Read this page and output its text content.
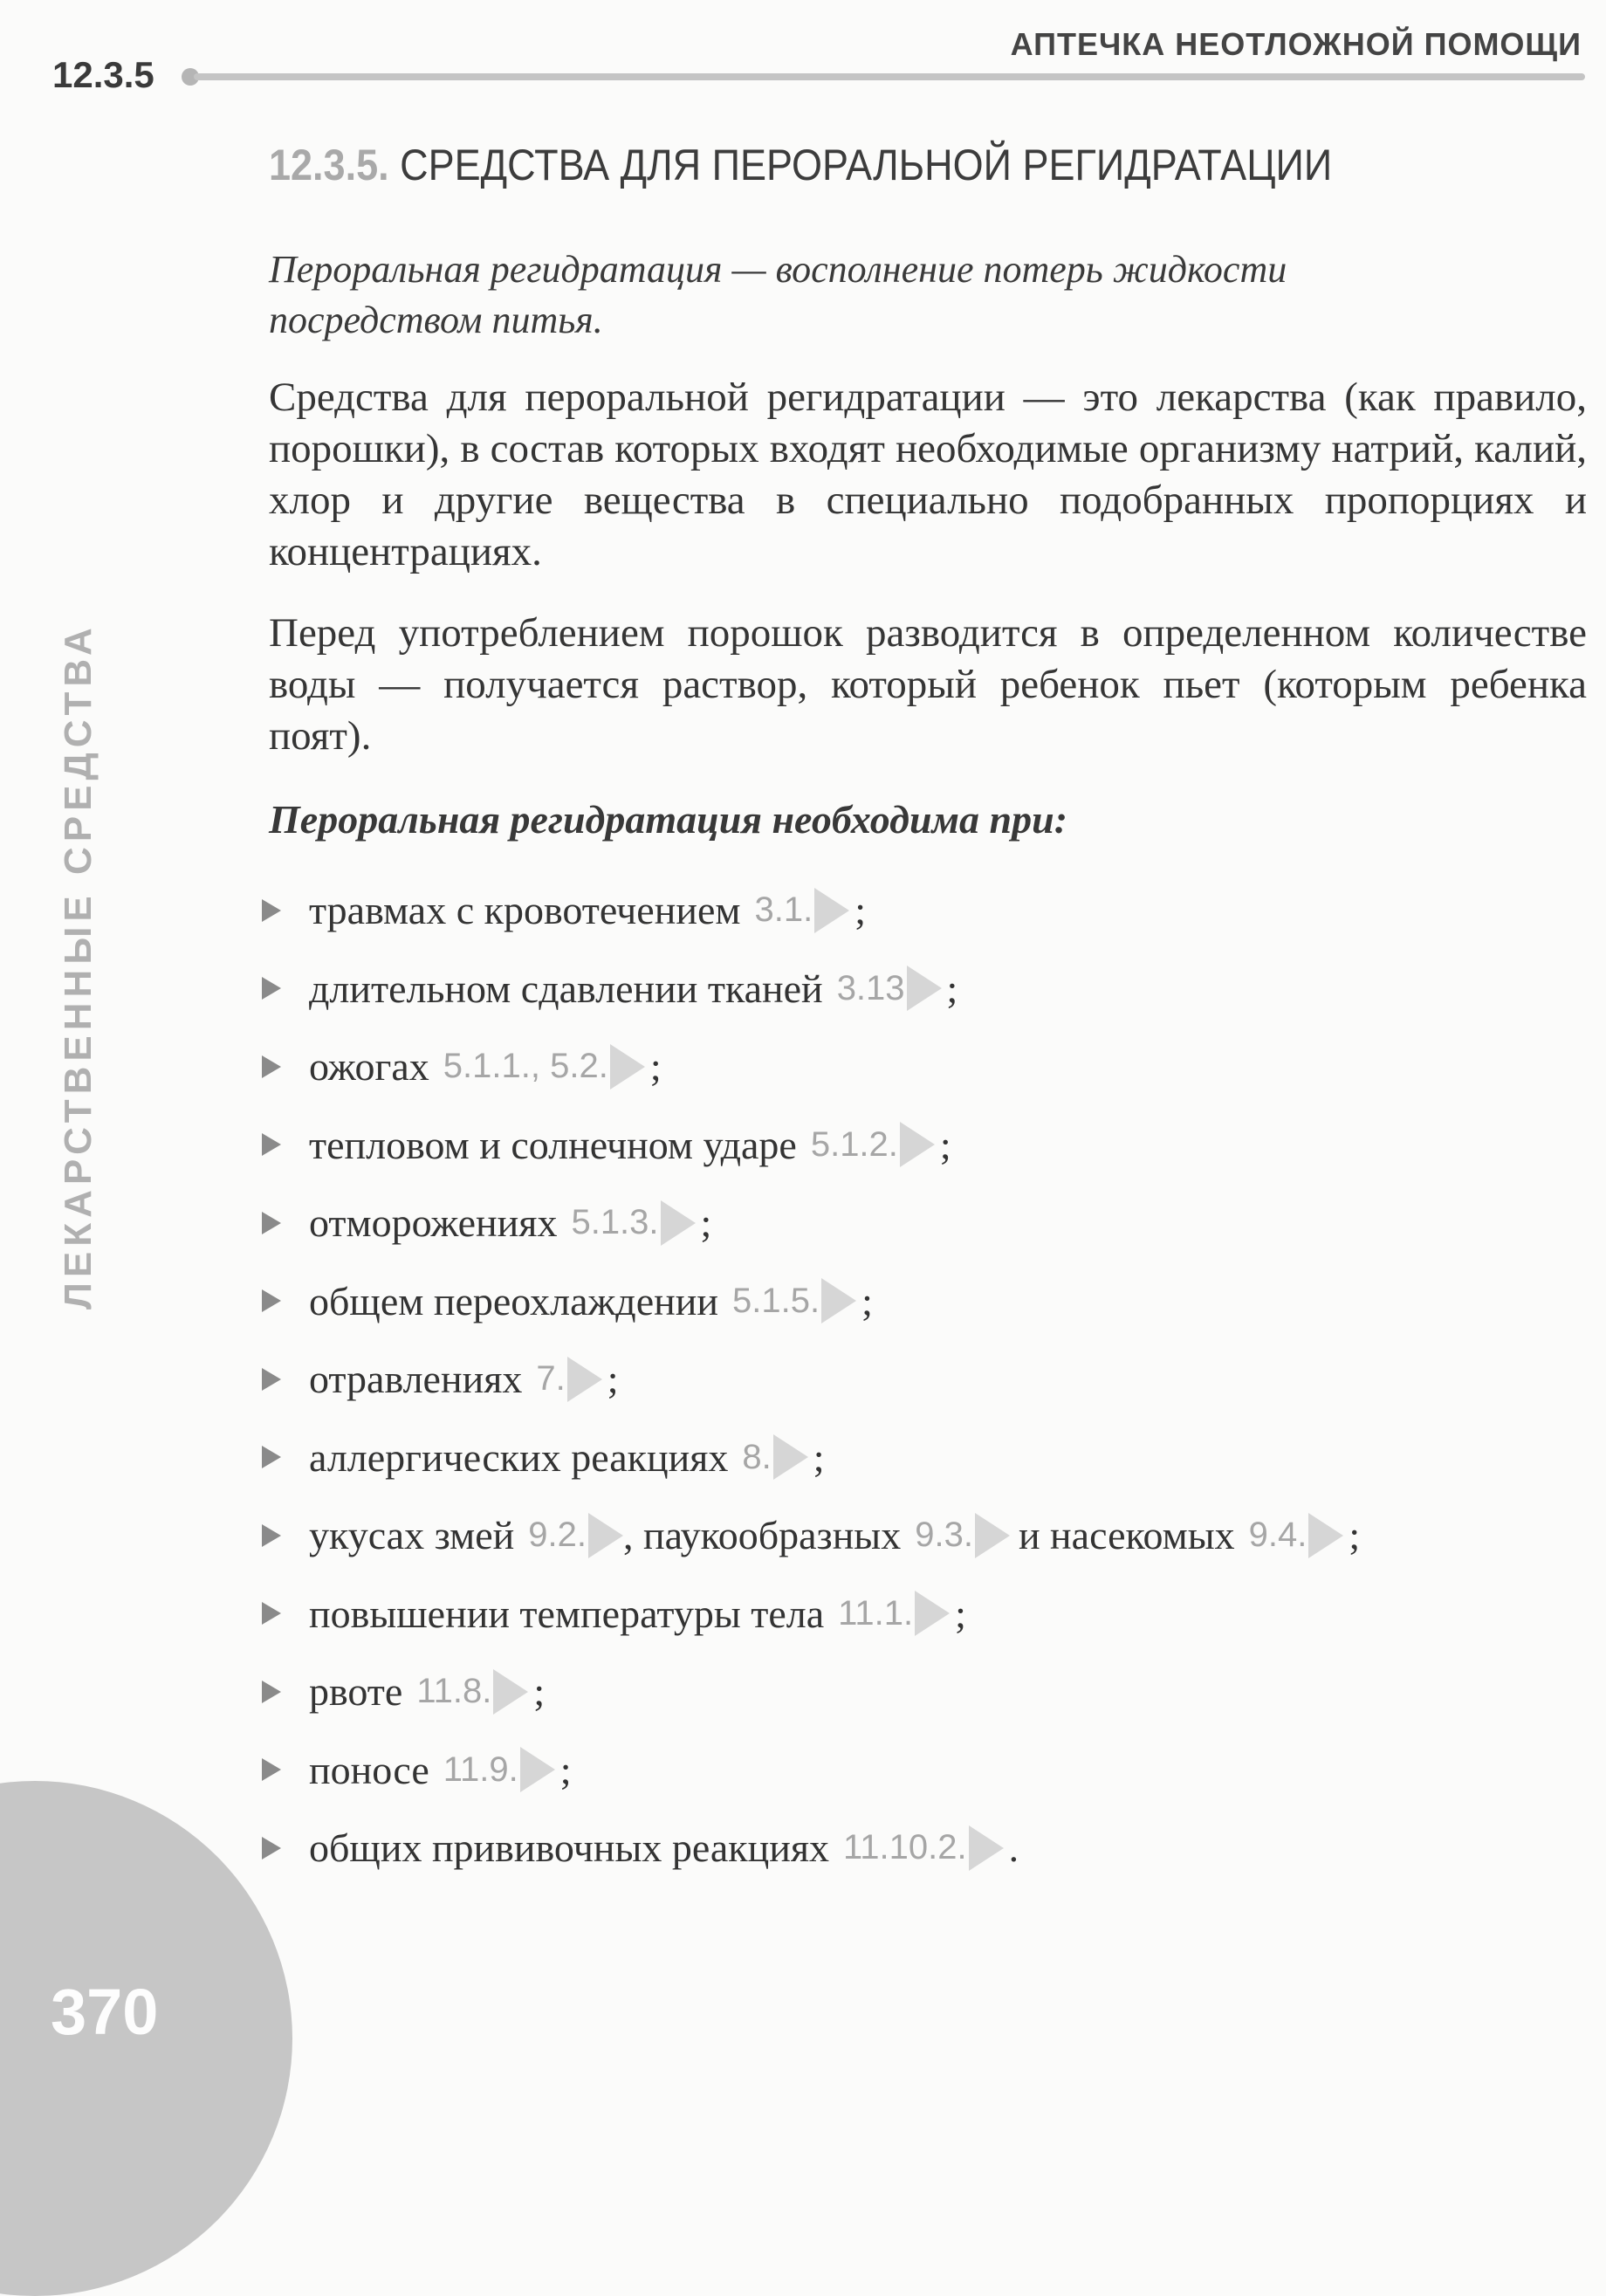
АПТЕЧКА НЕОТЛОЖНОЙ ПОМОЩИ
12.3.5
12.3.5. СРЕДСТВА ДЛЯ ПЕРОРАЛЬНОЙ РЕГИДРАТАЦИИ

Пероральная регидратация — восполнение потерь жидкости посредством питья.

Средства для пероральной регидратации — это лекарства (как правило, порошки), в состав которых входят необходимые организму натрий, калий, хлор и другие вещества в специально подобранных пропорциях и концентрациях.

Перед употреблением порошок разводится в определенном количестве воды — получается раствор, который ребенок пьет (которым ребенка поят).

Пероральная регидратация необходима при:

травмах с кровотечением 3.1. ;
длительном сдавлении тканей 3.13 ;
ожогах 5.1.1., 5.2. ;
тепловом и солнечном ударе 5.1.2. ;
отморожениях 5.1.3. ;
общем переохлаждении 5.1.5. ;
отравлениях 7. ;
аллергических реакциях 8. ;
укусах змей 9.2. , паукообразных 9.3. и насекомых 9.4. ;
повышении температуры тела 11.1. ;
рвоте 11.8. ;
поносе 11.9. ;
общих прививочных реакциях 11.10.2. .
ЛЕКАРСТВЕННЫЕ СРЕДСТВА
370
